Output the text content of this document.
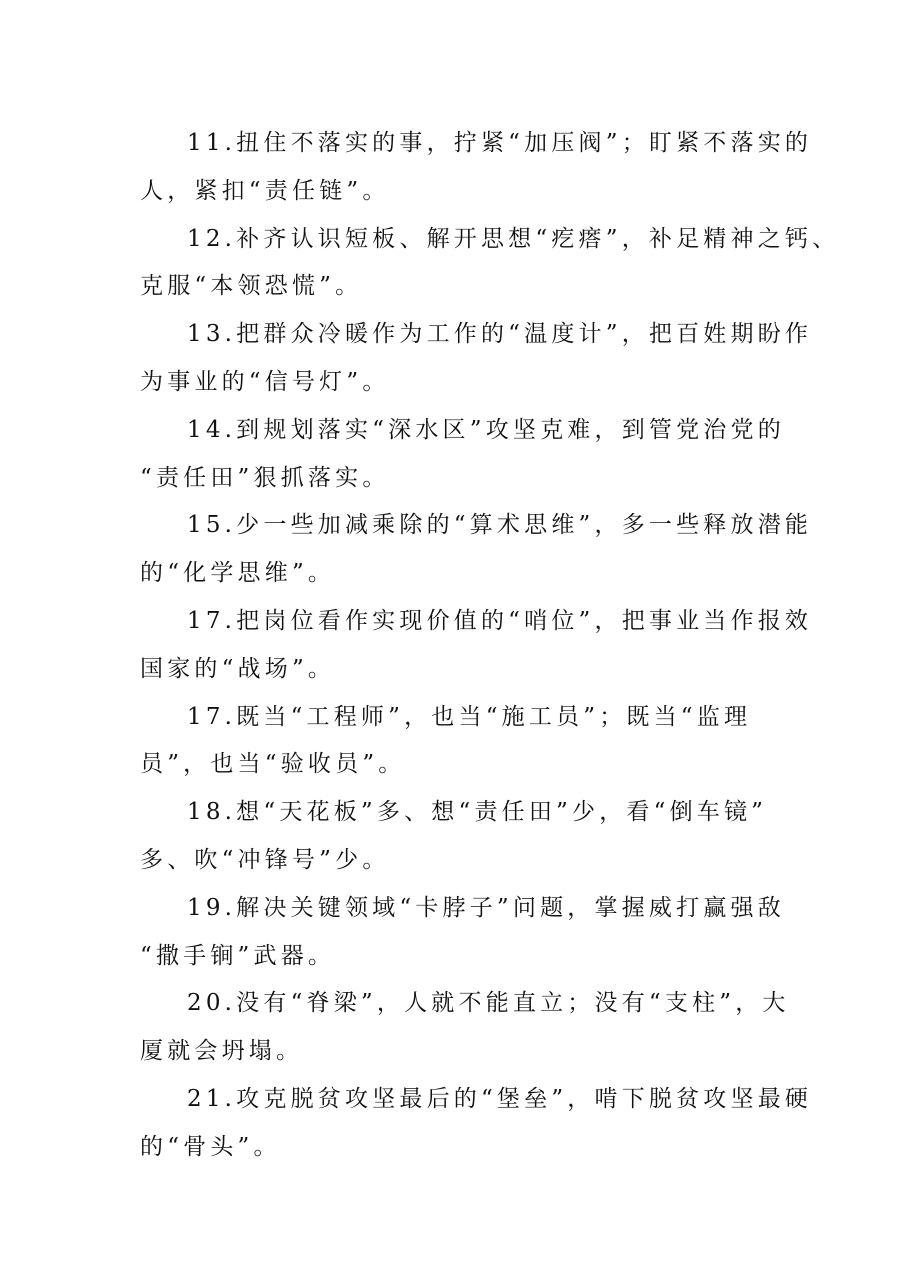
11.扭住不落实的事，拧紧“加压阀”；盯紧不落实的
人，紧扣“责任链”。
12.补齐认识短板、解开思想“疙瘩”，补足精神之钙、
克服“本领恐慌”。
13.把群众冷暖作为工作的“温度计”，把百姓期盼作
为事业的“信号灯”。
14.到规划落实“深水区”攻坚克难，到管党治党的
“责任田”狠抓落实。
15.少一些加减乘除的“算术思维”，多一些释放潜能
的“化学思维”。
17.把岗位看作实现价值的“哨位”，把事业当作报效
国家的“战场”。
17.既当“工程师”，也当“施工员”；既当“监理
员”，也当“验收员”。
18.想“天花板”多、想“责任田”少，看“倒车镜”
多、吹“冲锋号”少。
19.解决关键领域“卡脖子”问题，掌握威打赢强敌
“撒手锏”武器。
20.没有“脊梁”，人就不能直立；没有“支柱”，大
厦就会坍塌。
21.攻克脱贫攻坚最后的“堡垒”，啃下脱贫攻坚最硬
的“骨头”。
